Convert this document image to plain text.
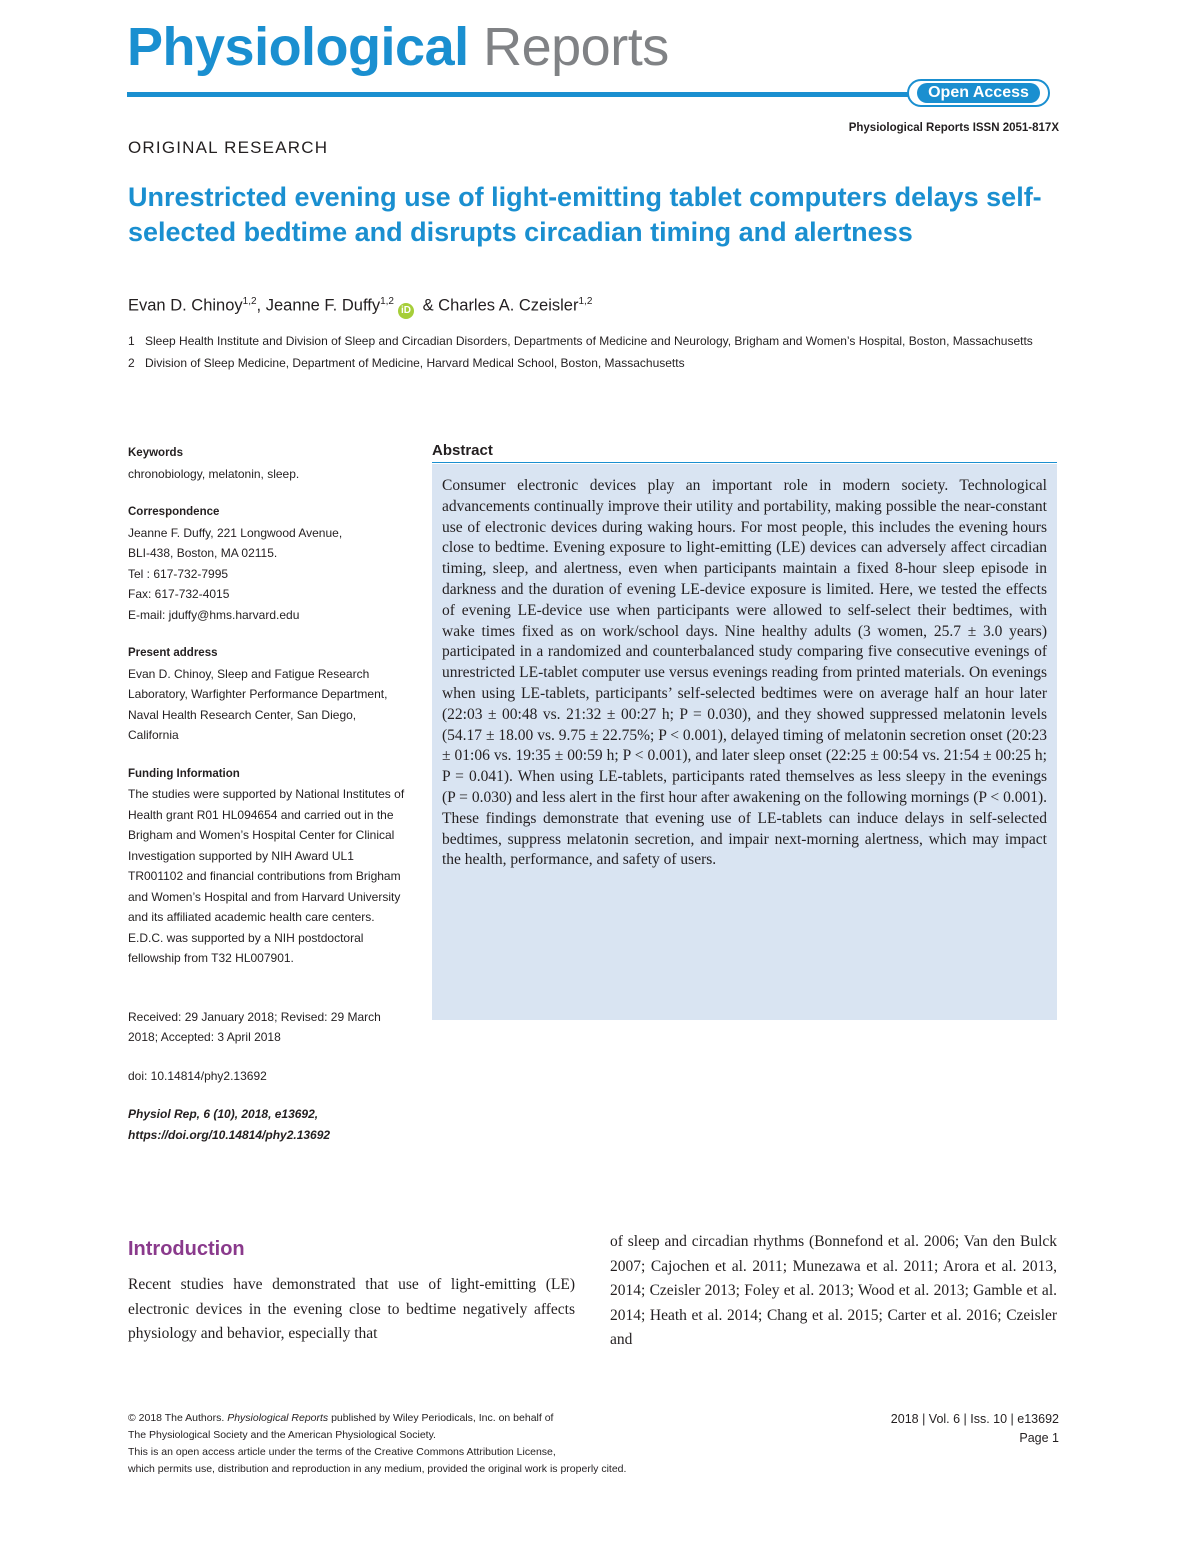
Physiological Reports
Open Access
Physiological Reports ISSN 2051-817X
ORIGINAL RESEARCH
Unrestricted evening use of light-emitting tablet computers delays self-selected bedtime and disrupts circadian timing and alertness
Evan D. Chinoy$^{1,2}$, Jeanne F. Duffy$^{1,2}$iD & Charles A. Czeisler$^{1,2}$
1 Sleep Health Institute and Division of Sleep and Circadian Disorders, Departments of Medicine and Neurology, Brigham and Women’s Hospital, Boston, Massachusetts
2 Division of Sleep Medicine, Department of Medicine, Harvard Medical School, Boston, Massachusetts
Keywords
chronobiology, melatonin, sleep.
Correspondence
Jeanne F. Duffy, 221 Longwood Avenue,
BLI-438, Boston, MA 02115.
Tel : 617-732-7995
Fax: 617-732-4015
E-mail: jduffy@hms.harvard.edu
Present address
Evan D. Chinoy, Sleep and Fatigue Research Laboratory, Warfighter Performance Department, Naval Health Research Center, San Diego, California
Funding Information
The studies were supported by National Institutes of Health grant R01 HL094654 and carried out in the Brigham and Women’s Hospital Center for Clinical Investigation supported by NIH Award UL1 TR001102 and financial contributions from Brigham and Women’s Hospital and from Harvard University and its affiliated academic health care centers. E.D.C. was supported by a NIH postdoctoral fellowship from T32 HL007901.
Received: 29 January 2018; Revised: 29 March 2018; Accepted: 3 April 2018
doi: 10.14814/phy2.13692
Physiol Rep, 6 (10), 2018, e13692,
https://doi.org/10.14814/phy2.13692
Abstract

Consumer electronic devices play an important role in modern society. Technological advancements continually improve their utility and portability, making possible the near-constant use of electronic devices during waking hours. For most people, this includes the evening hours close to bedtime. Evening exposure to light-emitting (LE) devices can adversely affect circadian timing, sleep, and alertness, even when participants maintain a fixed 8-hour sleep episode in darkness and the duration of evening LE-device exposure is limited. Here, we tested the effects of evening LE-device use when participants were allowed to self-select their bedtimes, with wake times fixed as on work/school days. Nine healthy adults (3 women, 25.7 ± 3.0 years) participated in a randomized and counterbalanced study comparing five consecutive evenings of unrestricted LE-tablet computer use versus evenings reading from printed materials. On evenings when using LE-tablets, participants’ self-selected bedtimes were on average half an hour later (22:03 ± 00:48 vs. 21:32 ± 00:27 h; P = 0.030), and they showed suppressed melatonin levels (54.17 ± 18.00 vs. 9.75 ± 22.75%; P < 0.001), delayed timing of melatonin secretion onset (20:23 ± 01:06 vs. 19:35 ± 00:59 h; P < 0.001), and later sleep onset (22:25 ± 00:54 vs. 21:54 ± 00:25 h; P = 0.041). When using LE-tablets, participants rated themselves as less sleepy in the evenings (P = 0.030) and less alert in the first hour after awakening on the following mornings (P < 0.001). These findings demonstrate that evening use of LE-tablets can induce delays in self-selected bedtimes, suppress melatonin secretion, and impair next-morning alertness, which may impact the health, performance, and safety of users.

Introduction

Recent studies have demonstrated that use of light-emitting (LE) electronic devices in the evening close to bedtime negatively affects physiology and behavior, especially that

of sleep and circadian rhythms (Bonnefond et al. 2006; Van den Bulck 2007; Cajochen et al. 2011; Munezawa et al. 2011; Arora et al. 2013, 2014; Czeisler 2013; Foley et al. 2013; Wood et al. 2013; Gamble et al. 2014; Heath et al. 2014; Chang et al. 2015; Carter et al. 2016; Czeisler and

© 2018 The Authors. Physiological Reports published by Wiley Periodicals, Inc. on behalf of
The Physiological Society and the American Physiological Society.
This is an open access article under the terms of the Creative Commons Attribution License,
which permits use, distribution and reproduction in any medium, provided the original work is properly cited.
2018 | Vol. 6 | Iss. 10 | e13692
Page 1
